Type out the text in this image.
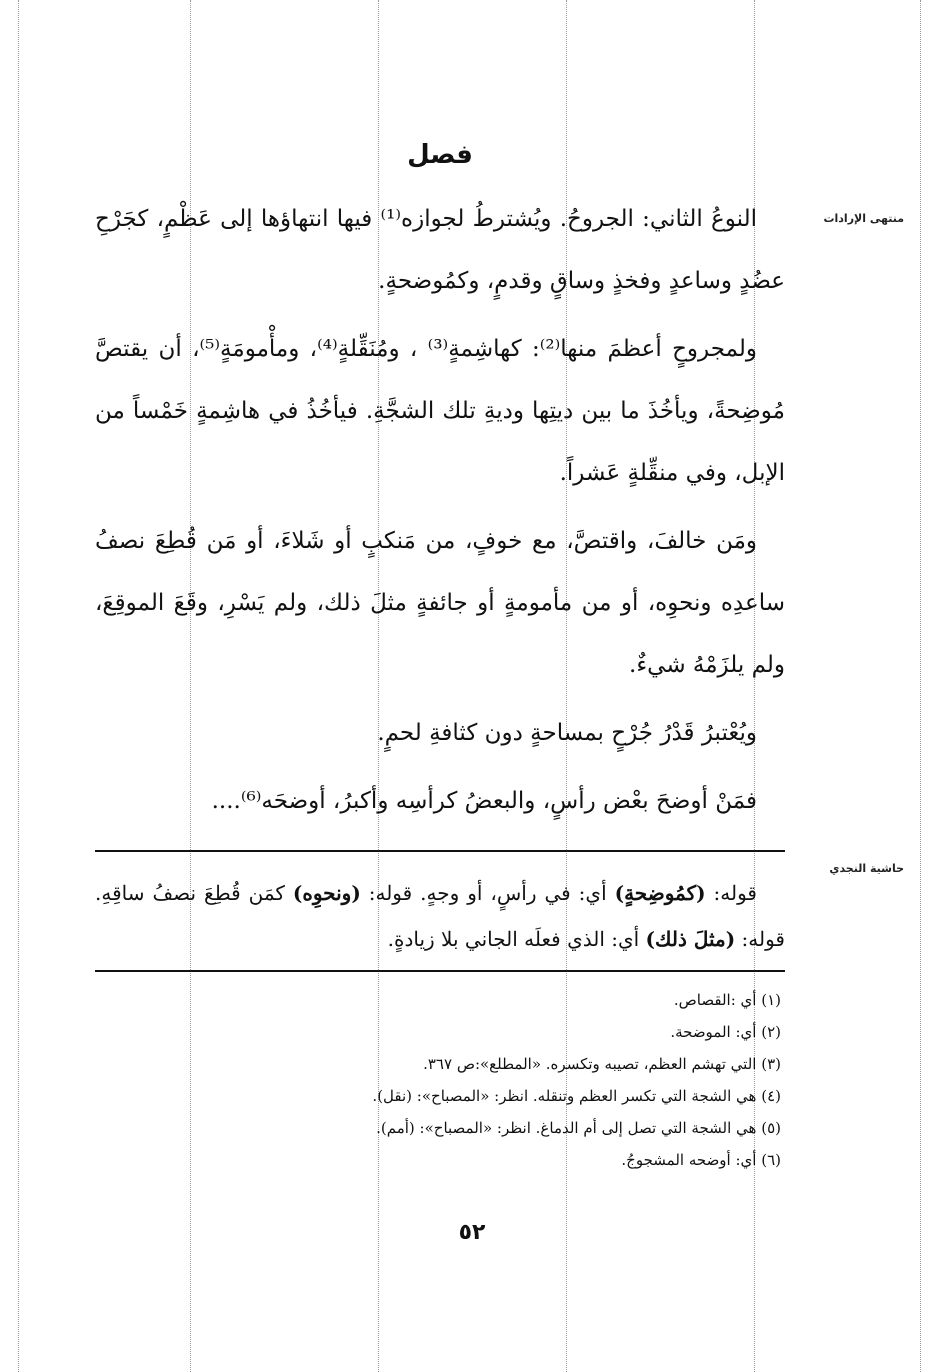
منتهى الإرادات
حاشية النجدي
فصل

النوعُ الثاني: الجروحُ. ويُشترطُ لجوازه⁽¹⁾ فيها انتهاؤها إلى عَظْمٍ، كجَرْحِ عضُدٍ وساعدٍ وفخذٍ وساقٍ وقدمٍ، وكمُوضحةٍ.

ولمجروحٍ أعظمَ منها⁽²⁾: كهاشِمةٍ⁽³⁾ ، ومُنَقِّلةٍ⁽⁴⁾، ومأْمومَةٍ⁽⁵⁾، أن يقتصَّ مُوضِحةً، ويأخُذَ ما بين ديتِها وديةِ تلك الشجَّةِ. فيأخُذُ في هاشِمةٍ خَمْساً من الإبل، وفي منقِّلةٍ عَشراً.

ومَن خالفَ، واقتصَّ، مع خوفٍ، من مَنكبٍ أو شَلاءَ، أو مَن قُطِعَ نصفُ ساعدِه ونحوِه، أو من مأمومةٍ أو جائفةٍ مثلَ ذلك، ولم يَسْرِ، وقَعَ الموقِعَ، ولم يلزَمْهُ شيءٌ.

ويُعْتبرُ قَدْرُ جُرْحٍ بمساحةٍ دون كثافةِ لحمٍ.

فمَنْ أوضحَ بعْض رأسٍ، والبعضُ كرأسِه وأكبرُ، أوضحَه⁽⁶⁾....

قوله: (كمُوضِحةٍ) أي: في رأسٍ، أو وجهٍ. قوله: (ونحوِه) كمَن قُطِعَ نصفُ ساقِهِ. قوله: (مثلَ ذلك) أي: الذي فعلَه الجاني بلا زيادةٍ.

(١) أي :القصاص.

(٢) أي: الموضحة.

(٣) التي تهشم العظم، تصيبه وتكسره. «المطلع»:ص ٣٦٧.

(٤) هي الشجة التي تكسر العظم وتنقله. انظر: «المصباح»: (نقل).

(٥) هي الشجة التي تصل إلى أم الدماغ. انظر: «المصباح»: (أمم).

(٦) أي: أوضحه المشجوجُ.

٥٢
